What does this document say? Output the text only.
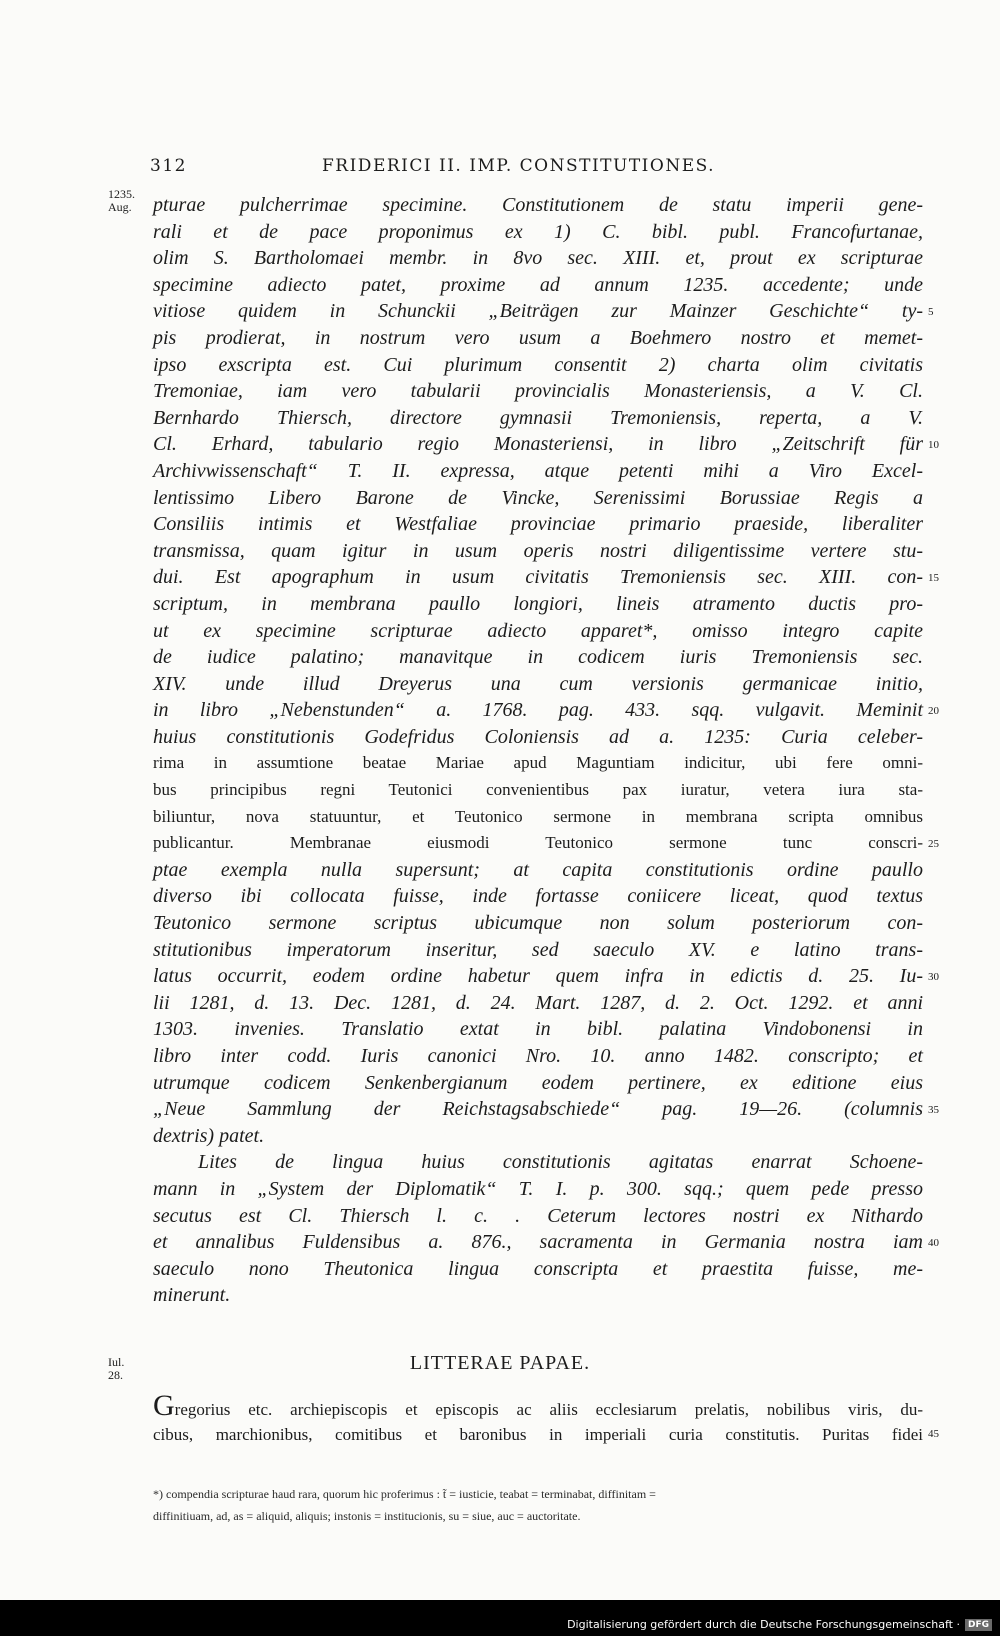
312	FRIDERICI II. IMP. CONSTITUTIONES.
1235.
Aug. pturae pulcherrimae specimine. Constitutionem de statu imperii gene-
rali et de pace proponimus ex 1) C. bibl. publ. Francofurtanae,
olim S. Bartholomaei membr. in 8vo sec. XIII. et, prout ex scripturae
specimine adiecto patet, proxime ad annum 1235. accedente; unde
vitiose quidem in Schunckii „Beiträgen zur Mainzer Geschichte“ ty-
pis prodierat, in nostrum vero usum a Boehmero nostro et memet-
ipso exscripta est. Cui plurimum consentit 2) charta olim civitatis
Tremoniae, iam vero tabularii provincialis Monasteriensis, a V. Cl.
Bernhardo Thiersch, directore gymnasii Tremoniensis, reperta, a V.
Cl. Erhard, tabulario regio Monasteriensi, in libro „Zeitschrift für
Archivwissenschaft“ T. II. expressa, atque petenti mihi a Viro Excel-
lentissimo Libero Barone de Vincke, Serenissimi Borussiae Regis a
Consiliis intimis et Westfaliae provinciae primario praeside, liberaliter
transmissa, quam igitur in usum operis nostri diligentissime vertere stu-
dui. Est apographum in usum civitatis Tremoniensis sec. XIII. con-
scriptum, in membrana paullo longiori, lineis atramento ductis pro-
ut ex specimine scripturae adiecto apparet*, omisso integro capite
de iudice palatino; manavitque in codicem iuris Tremoniensis sec.
XIV. unde illud Dreyerus una cum versionis germanicae initio,
in libro „Nebenstunden“ a. 1768. pag. 433. sqq. vulgavit. Meminit
huius constitutionis Godefridus Coloniensis ad a. 1235: Curia celeber-
rima in assumtione beatae Mariae apud Maguntiam indicitur, ubi fere omni-
bus principibus regni Teutonici convenientibus pax iuratur, vetera iura sta-
biliuntur, nova statuuntur, et Teutonico sermone in membrana scripta omnibus
publicantur. Membranae eiusmodi Teutonico sermone tunc conscri-
ptae exempla nulla supersunt; at capita constitutionis ordine paullo
diverso ibi collocata fuisse, inde fortasse coniicere liceat, quod textus
Teutonico sermone scriptus ubicumque non solum posteriorum con-
stitutionibus imperatorum inseritur, sed saeculo XV. e latino trans-
latus occurrit, eodem ordine habetur quem infra in edictis d. 25. Iu-
lii 1281, d. 13. Dec. 1281, d. 24. Mart. 1287, d. 2. Oct. 1292. et anni
1303. invenies. Translatio extat in bibl. palatina Vindobonensi in
libro inter codd. Iuris canonici Nro. 10. anno 1482. conscripto; et
utrumque codicem Senkenbergianum eodem pertinere, ex editione eius
„Neue Sammlung der Reichstagsabschiede“ pag. 19—26. (columnis
dextris) patet.
Lites de lingua huius constitutionis agitatas enarrat Schoene-
mann in „System der Diplomatik“ T. I. p. 300. sqq.; quem pede presso
secutus est Cl. Thiersch l. c. . Ceterum lectores nostri ex Nithardo
et annalibus Fuldensibus a. 876., sacramenta in Germania nostra iam
saeculo nono Theutonica lingua conscripta et praestita fuisse, me-
minerunt.
5
10
15
20
25
30
35
40
45
Iul.
28.
LITTERAE PAPAE.
Gregorius etc. archiepiscopis et episcopis ac aliis ecclesiarum prelatis, nobilibus viris, du-
cibus, marchionibus, comitibus et baronibus in imperiali curia constitutis. Puritas fidei
*) compendia scripturae haud rara, quorum hic proferimus : t̃ = iusticie, teabat = terminabat, diffinitam =
diffinitiuam, ad, as = aliquid, aliquis; instonis = institucionis, su = siue, auc = auctoritate.
Digitalisierung gefördert durch die Deutsche Forschungsgemeinschaft · DFG
